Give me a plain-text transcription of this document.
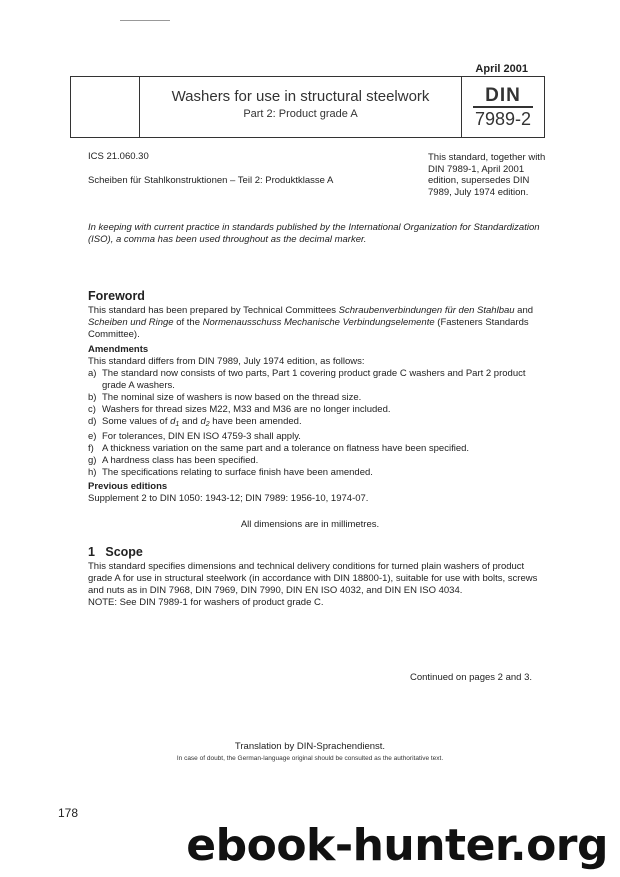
April 2001
Washers for use in structural steelwork
Part 2: Product grade A
DIN
7989-2
ICS 21.060.30
Scheiben für Stahlkonstruktionen – Teil 2: Produktklasse A
This standard, together with DIN 7989-1, April 2001 edition, supersedes DIN 7989, July 1974 edition.
In keeping with current practice in standards published by the International Organization for Standardization (ISO), a comma has been used throughout as the decimal marker.
Foreword
This standard has been prepared by Technical Committees Schraubenverbindungen für den Stahlbau and Scheiben und Ringe of the Normenausschuss Mechanische Verbindungselemente (Fasteners Standards Committee).
Amendments
This standard differs from DIN 7989, July 1974 edition, as follows:
a) The standard now consists of two parts, Part 1 covering product grade C washers and Part 2 product grade A washers.
b) The nominal size of washers is now based on the thread size.
c) Washers for thread sizes M22, M33 and M36 are no longer included.
d) Some values of $d_1$ and $d_2$ have been amended.
e) For tolerances, DIN EN ISO 4759-3 shall apply.
f) A thickness variation on the same part and a tolerance on flatness have been specified.
g) A hardness class has been specified.
h) The specifications relating to surface finish have been amended.
Previous editions
Supplement 2 to DIN 1050: 1943-12; DIN 7989: 1956-10, 1974-07.
All dimensions are in millimetres.
1   Scope
This standard specifies dimensions and technical delivery conditions for turned plain washers of product grade A for use in structural steelwork (in accordance with DIN 18800-1), suitable for use with bolts, screws and nuts as in DIN 7968, DIN 7969, DIN 7990, DIN EN ISO 4032, and DIN EN ISO 4034.
NOTE: See DIN 7989-1 for washers of product grade C.
Continued on pages 2 and 3.
Translation by DIN-Sprachendienst.
In case of doubt, the German-language original should be consulted as the authoritative text.
178
ebook-hunter.org
